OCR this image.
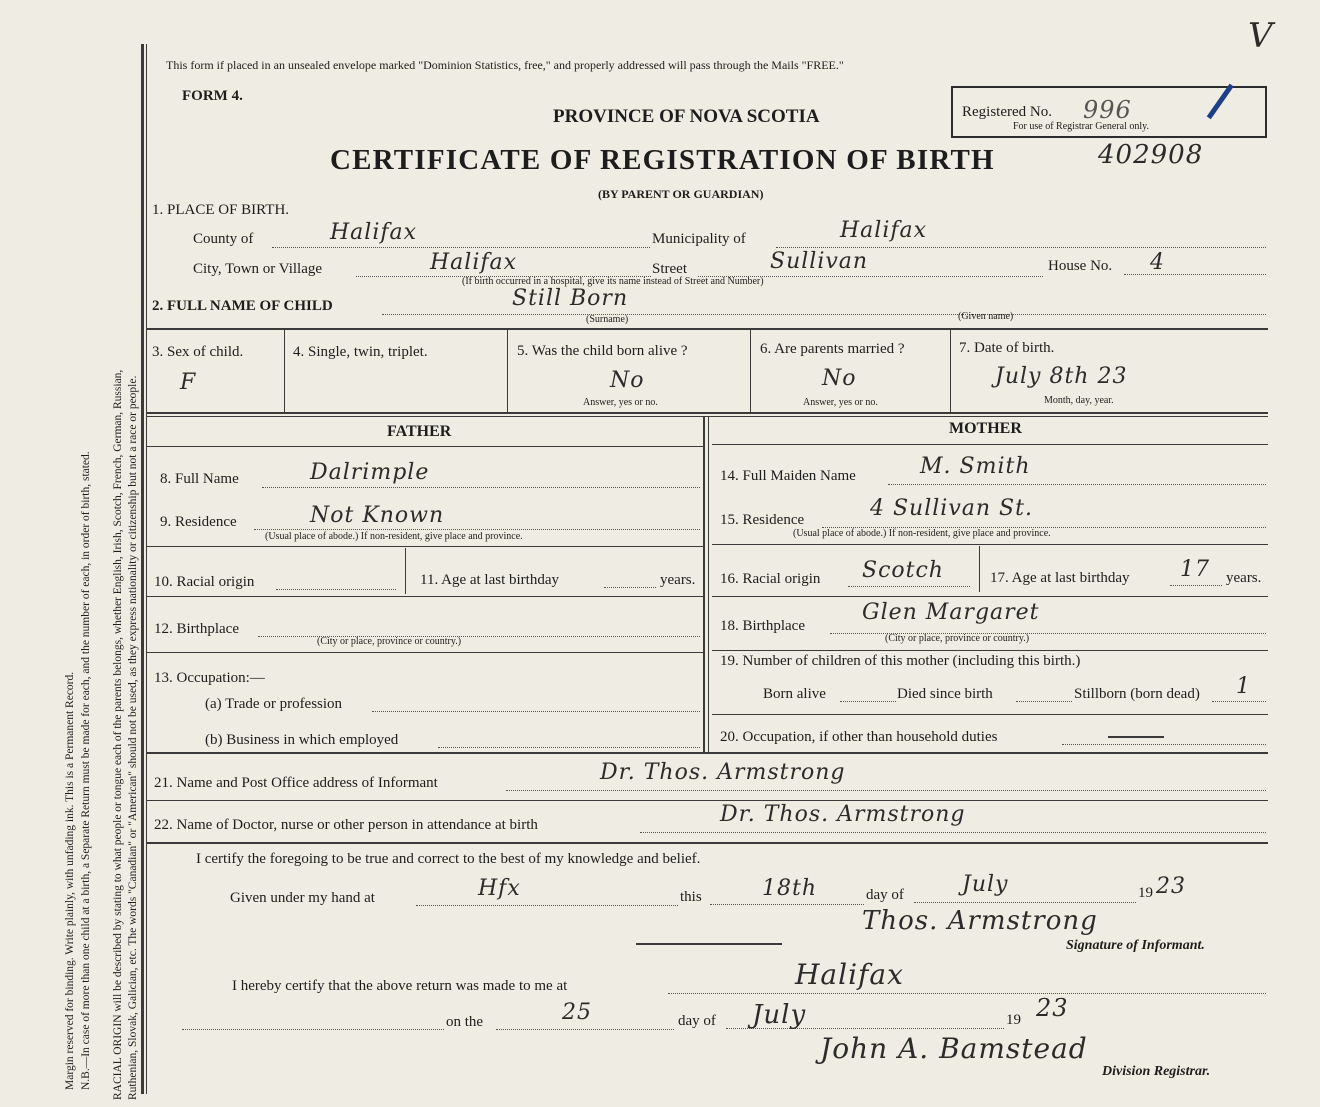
Margin reserved for binding. Write plainly, with unfading ink. This is a Permanent Record. N.B.—In case of more than one child at a birth, a Separate Return must be made for each, and the number of each, in order of birth, stated. RACIAL ORIGIN will be described by stating to what people or tongue each of the parents belongs, whether English, Irish, Scotch, French, German, Russian, Ruthenian, Slovak, Galician, etc. The words "Canadian" or "American" should not be used, as they express nationality or citizenship but not a race or people.
This form if placed in an unsealed envelope marked "Dominion Statistics, free," and properly addressed will pass through the Mails "FREE."
FORM 4.
PROVINCE OF NOVA SCOTIA
CERTIFICATE OF REGISTRATION OF BIRTH
(BY PARENT OR GUARDIAN)
Registered No. 996
For use of Registrar General only.
402908
V
1. PLACE OF BIRTH.
County of	Halifax	Municipality of	Halifax
City, Town or Village	Halifax	Street	Sullivan	House No. 4
(If birth occurred in a hospital, give its name instead of Street and Number)
2. FULL NAME OF CHILD	Still Born
(Surname)	(Given name)
3. Sex of child.
F
4. Single, twin, triplet.	5. Was the child born alive ?
No
Answer, yes or no.
6. Are parents married ?
No
Answer, yes or no.
7. Date of birth.
July 8th 23
Month, day, year.
FATHER
8. Full Name	Dalrimple
9. Residence	Not Known
(Usual place of abode.) If non-resident, give place and province.
10. Racial origin	11. Age at last birthday	years.
12. Birthplace
(City or place, province or country.)
13. Occupation:—
(a) Trade or profession
(b) Business in which employed
MOTHER
14. Full Maiden Name	M. Smith
15. Residence	4 Sullivan St.
(Usual place of abode.) If non-resident, give place and province.
16. Racial origin Scotch	17. Age at last birthday 17 years.
18. Birthplace
Glen Margaret
(City or place, province or country.)
19. Number of children of this mother (including this birth.)
Born alive	Died since birth	Stillborn (born dead) 1
20. Occupation, if other than household duties
21. Name and Post Office address of Informant	Dr. Thos. Armstrong
22. Name of Doctor, nurse or other person in attendance at birth	Dr. Thos. Armstrong
I certify the foregoing to be true and correct to the best of my knowledge and belief.
Given under my hand at	Hfx	this	18th	day of	July	19 23
Thos. Armstrong
Signature of Informant.
I hereby certify that the above return was made to me at	Halifax
on the	25	day of July	19 23
John A. Bamstead
Division Registrar.
